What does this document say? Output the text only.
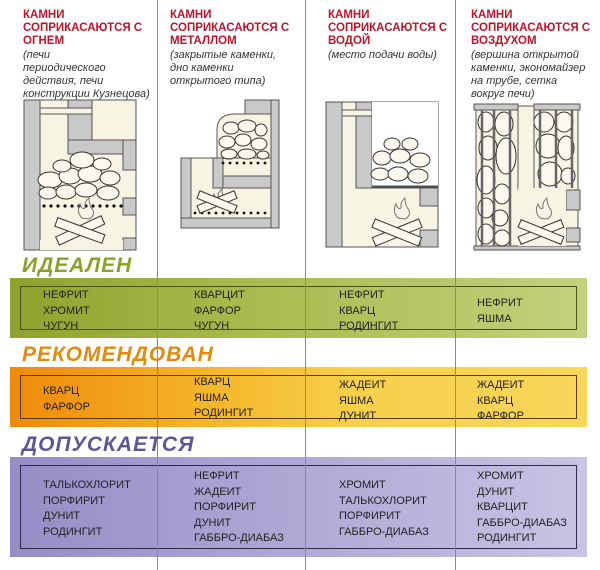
КАМНИ
СОПРИКАСАЮТСЯ С
ОГНЕМ
(печи
периодического
действия, печи
конструкции Кузнецова)
КАМНИ
СОПРИКАСАЮТСЯ С
МЕТАЛЛОМ
(закрытые каменки,
дно каменки
открытого типа)
КАМНИ
СОПРИКАСАЮТСЯ С
ВОДОЙ
(место подачи воды)
КАМНИ
СОПРИКАСАЮТСЯ С
ВОЗДУХОМ
(вершина открытой
каменки, экономайзер
на трубе, сетка
вокруг печи)
ИДЕАЛЕН
НЕФРИТ
ХРОМИТ
ЧУГУН
КВАРЦИТ
ФАРФОР
ЧУГУН
НЕФРИТ
КВАРЦ
РОДИНГИТ
НЕФРИТ
ЯШМА
РЕКОМЕНДОВАН
КВАРЦ
ФАРФОР
КВАРЦ
ЯШМА
РОДИНГИТ
ЖАДЕИТ
ЯШМА
ДУНИТ
ЖАДЕИТ
КВАРЦ
ФАРФОР
ДОПУСКАЕТСЯ
ТАЛЬКОХЛОРИТ
ПОРФИРИТ
ДУНИТ
РОДИНГИТ
НЕФРИТ
ЖАДЕИТ
ПОРФИРИТ
ДУНИТ
ГАББРО-ДИАБАЗ
ХРОМИТ
ТАЛЬКОХЛОРИТ
ПОРФИРИТ
ГАББРО-ДИАБАЗ
ХРОМИТ
ДУНИТ
КВАРЦИТ
ГАББРО-ДИАБАЗ
РОДИНГИТ
